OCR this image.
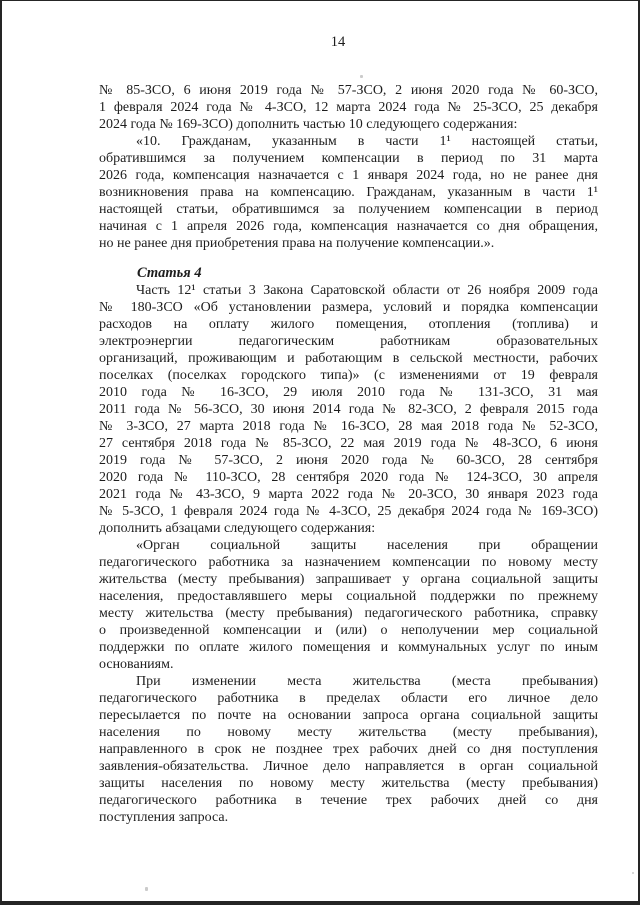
14
№ 85-ЗСО, 6 июня 2019 года № 57-ЗСО, 2 июня 2020 года № 60-ЗСО,
1 февраля 2024 года № 4-ЗСО, 12 марта 2024 года № 25-ЗСО, 25 декабря
2024 года № 169-ЗСО) дополнить частью 10 следующего содержания:
«10. Гражданам, указанным в части 1¹ настоящей статьи,
обратившимся за получением компенсации в период по 31 марта
2026 года, компенсация назначается с 1 января 2024 года, но не ранее дня
возникновения права на компенсацию. Гражданам, указанным в части 1¹
настоящей статьи, обратившимся за получением компенсации в период
начиная с 1 апреля 2026 года, компенсация назначается со дня обращения,
но не ранее дня приобретения права на получение компенсации.».
Статья 4
Часть 12¹ статьи 3 Закона Саратовской области от 26 ноября 2009 года
№ 180-ЗСО «Об установлении размера, условий и порядка компенсации
расходов на оплату жилого помещения, отопления (топлива) и
электроэнергии педагогическим работникам образовательных
организаций, проживающим и работающим в сельской местности, рабочих
поселках (поселках городского типа)» (с изменениями от 19 февраля
2010 года № 16-ЗСО, 29 июля 2010 года № 131-ЗСО, 31 мая
2011 года № 56-ЗСО, 30 июня 2014 года № 82-ЗСО, 2 февраля 2015 года
№ 3-ЗСО, 27 марта 2018 года № 16-ЗСО, 28 мая 2018 года № 52-ЗСО,
27 сентября 2018 года № 85-ЗСО, 22 мая 2019 года № 48-ЗСО, 6 июня
2019 года № 57-ЗСО, 2 июня 2020 года № 60-ЗСО, 28 сентября
2020 года № 110-ЗСО, 28 сентября 2020 года № 124-ЗСО, 30 апреля
2021 года № 43-ЗСО, 9 марта 2022 года № 20-ЗСО, 30 января 2023 года
№ 5-ЗСО, 1 февраля 2024 года № 4-ЗСО, 25 декабря 2024 года № 169-ЗСО)
дополнить абзацами следующего содержания:
«Орган социальной защиты населения при обращении
педагогического работника за назначением компенсации по новому месту
жительства (месту пребывания) запрашивает у органа социальной защиты
населения, предоставлявшего меры социальной поддержки по прежнему
месту жительства (месту пребывания) педагогического работника, справку
о произведенной компенсации и (или) о неполучении мер социальной
поддержки по оплате жилого помещения и коммунальных услуг по иным
основаниям.
При изменении места жительства (места пребывания)
педагогического работника в пределах области его личное дело
пересылается по почте на основании запроса органа социальной защиты
населения по новому месту жительства (месту пребывания),
направленного в срок не позднее трех рабочих дней со дня поступления
заявления-обязательства. Личное дело направляется в орган социальной
защиты населения по новому месту жительства (месту пребывания)
педагогического работника в течение трех рабочих дней со дня
поступления запроса.
